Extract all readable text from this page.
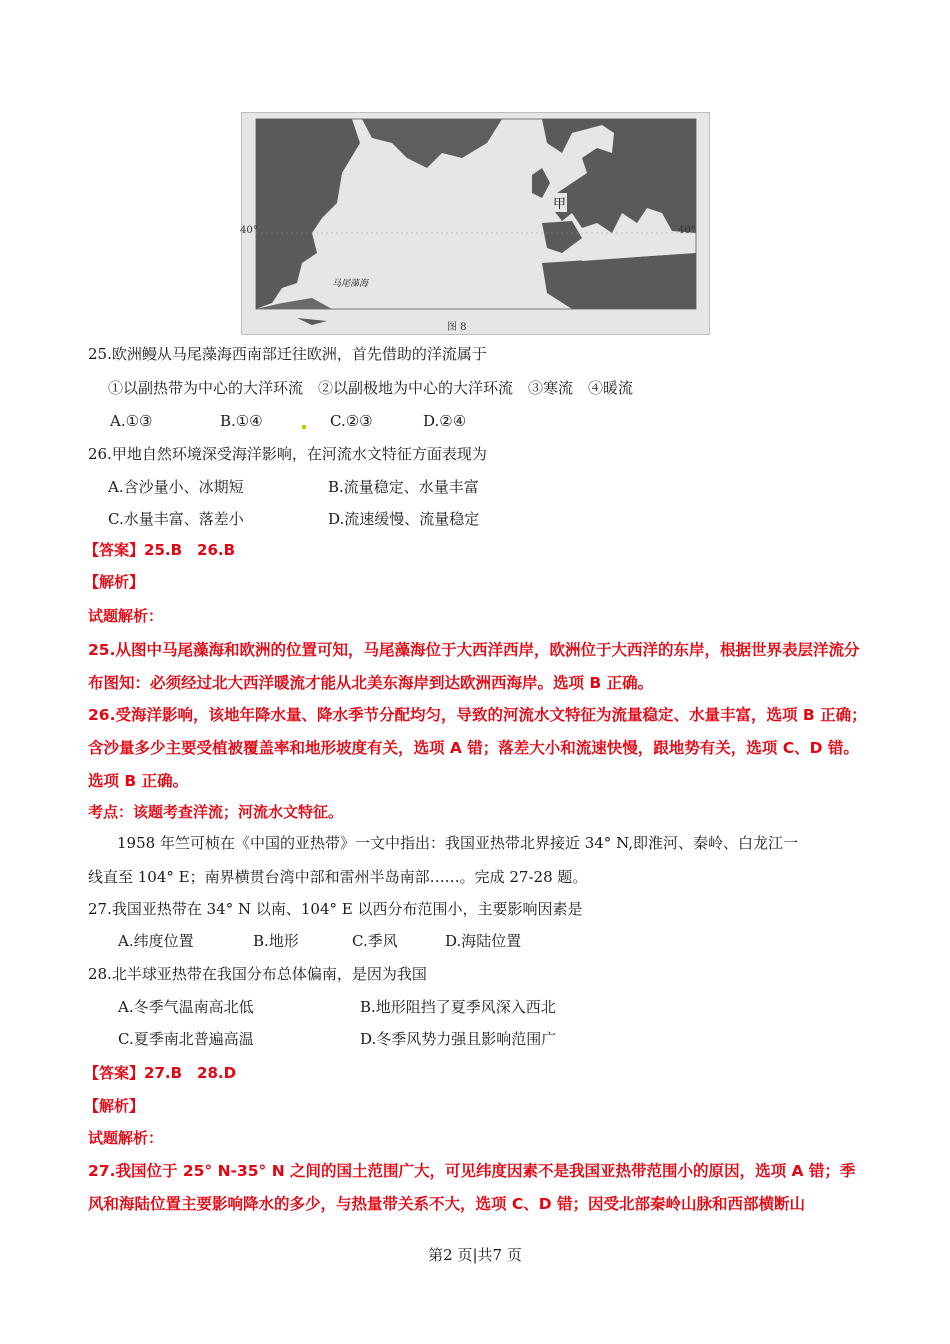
40°	40°
马尾藻海
甲
图 8
25.欧洲鳗从马尾藻海西南部迁往欧洲，首先借助的洋流属于
①以副热带为中心的大洋环流　②以副极地为中心的大洋环流　③寒流　④暖流
A.①③	B.①④	C.②③	D.②④
26.甲地自然环境深受海洋影响，在河流水文特征方面表现为
A.含沙量小、冰期短	B.流量稳定、水量丰富
C.水量丰富、落差小	D.流速缓慢、流量稳定
【答案】25.B　26.B
【解析】
试题解析：
25.从图中马尾藻海和欧洲的位置可知，马尾藻海位于大西洋西岸，欧洲位于大西洋的东岸，根据世界表层洋流分布图知：必须经过北大西洋暖流才能从北美东海岸到达欧洲西海岸。选项 B 正确。
26.受海洋影响，该地年降水量、降水季节分配均匀，导致的河流水文特征为流量稳定、水量丰富，选项 B 正确；含沙量多少主要受植被覆盖率和地形坡度有关，选项 A 错；落差大小和流速快慢，跟地势有关，选项 C、D 错。选项 B 正确。
考点：该题考查洋流；河流水文特征。
1958 年竺可桢在《中国的亚热带》一文中指出：我国亚热带北界接近 34° N,即淮河、秦岭、白龙江一
线直至 104° E；南界横贯台湾中部和雷州半岛南部……。完成 27-28 题。
27.我国亚热带在 34° N 以南、104° E 以西分布范围小，主要影响因素是
A.纬度位置	B.地形	C.季风	D.海陆位置
28.北半球亚热带在我国分布总体偏南，是因为我国
A.冬季气温南高北低	B.地形阻挡了夏季风深入西北
C.夏季南北普遍高温	D.冬季风势力强且影响范围广
【答案】27.B　28.D
【解析】
试题解析：
27.我国位于 25° N-35° N 之间的国土范围广大，可见纬度因素不是我国亚热带范围小的原因，选项 A 错；季风和海陆位置主要影响降水的多少，与热量带关系不大，选项 C、D 错；因受北部秦岭山脉和西部横断山
第2 页|共7 页
